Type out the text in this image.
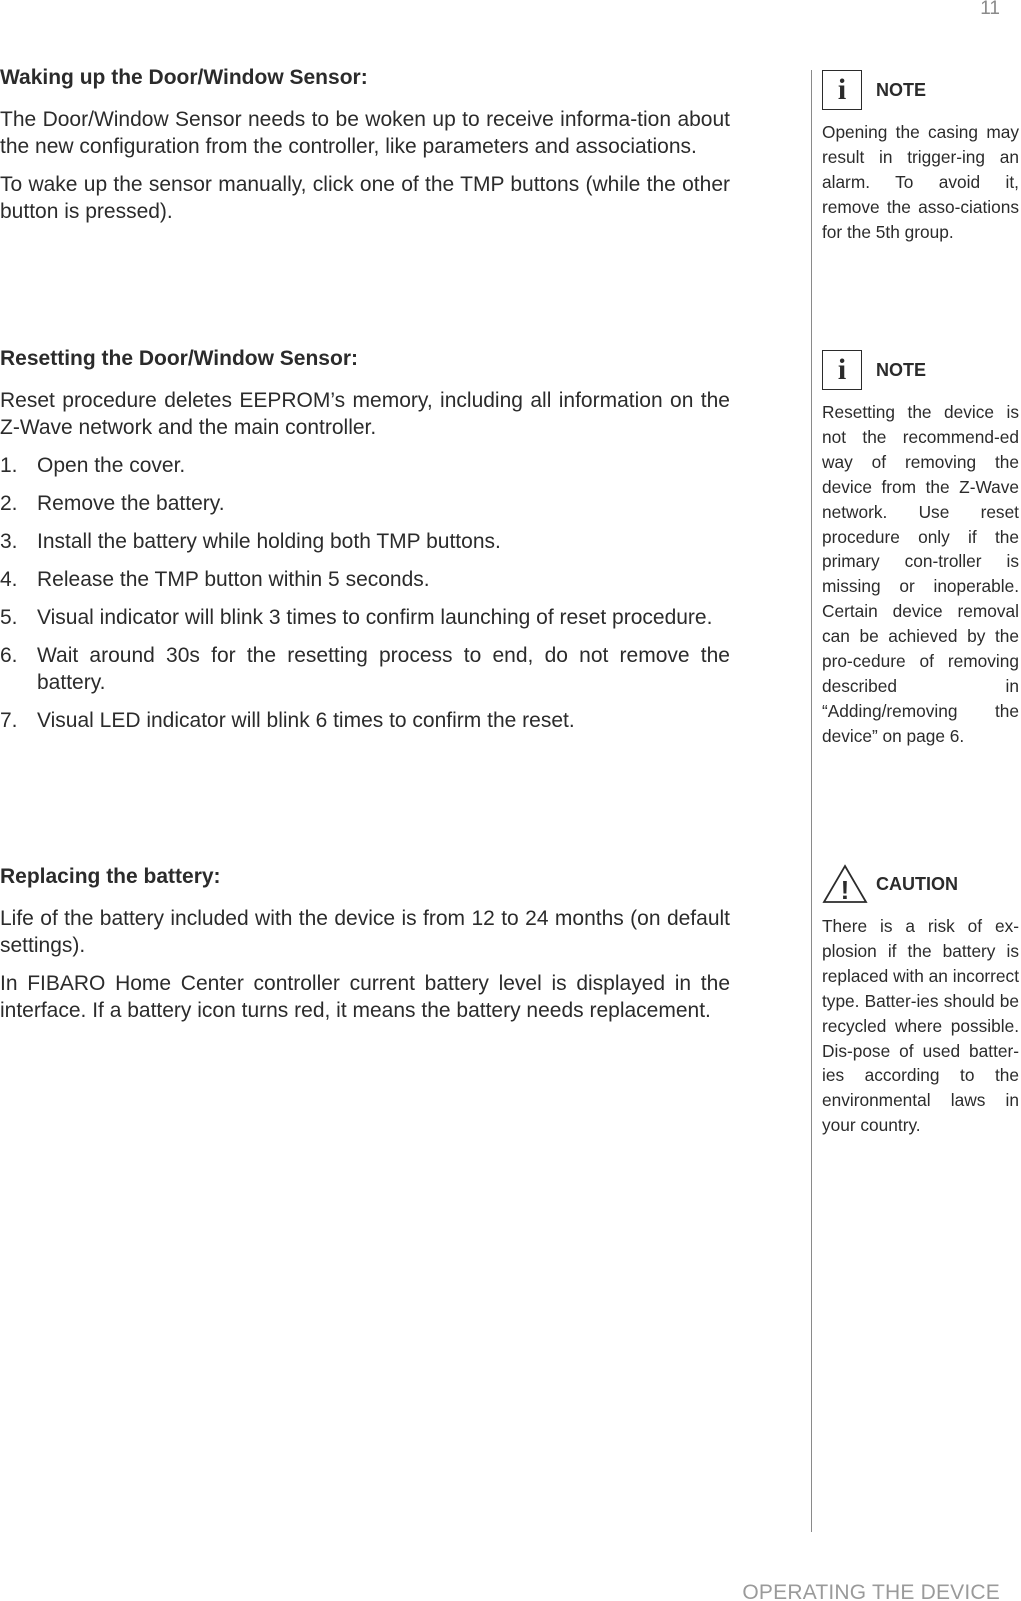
11
Waking up the Door/Window Sensor:

The Door/Window Sensor needs to be woken up to receive informa-tion about the new configuration from the controller, like parameters and associations.

To wake up the sensor manually, click one of the TMP buttons (while the other button is pressed).

Resetting the Door/Window Sensor:

Reset procedure deletes EEPROM’s memory, including all information on the Z-Wave network and the main controller.

1. Open the cover.
2. Remove the battery.
3. Install the battery while holding both TMP buttons.
4. Release the TMP button within 5 seconds.
5. Visual indicator will blink 3 times to confirm launching of reset procedure.
6. Wait around 30s for the resetting process to end, do not remove the battery.
7. Visual LED indicator will blink 6 times to confirm the reset.
Replacing the battery:

Life of the battery included with the device is from 12 to 24 months (on default settings).

In FIBARO Home Center controller current battery level is displayed in the interface. If a battery icon turns red, it means the battery needs replacement.

i	NOTE

Opening the casing may result in trigger-ing an alarm. To avoid it, remove the asso-ciations for the 5th group.

i	NOTE

Resetting the device is not the recommend-ed way of removing the device from the Z-Wave network. Use reset procedure only if the primary con-troller is missing or inoperable. Certain device removal can be achieved by the pro-cedure of removing described in “Adding/removing the device” on page 6.

! CAUTION

There is a risk of ex-plosion if the battery is replaced with an incorrect type. Batter-ies should be recycled where possible. Dis-pose of used batter-ies according to the environmental laws in your country.

OPERATING THE DEVICE
